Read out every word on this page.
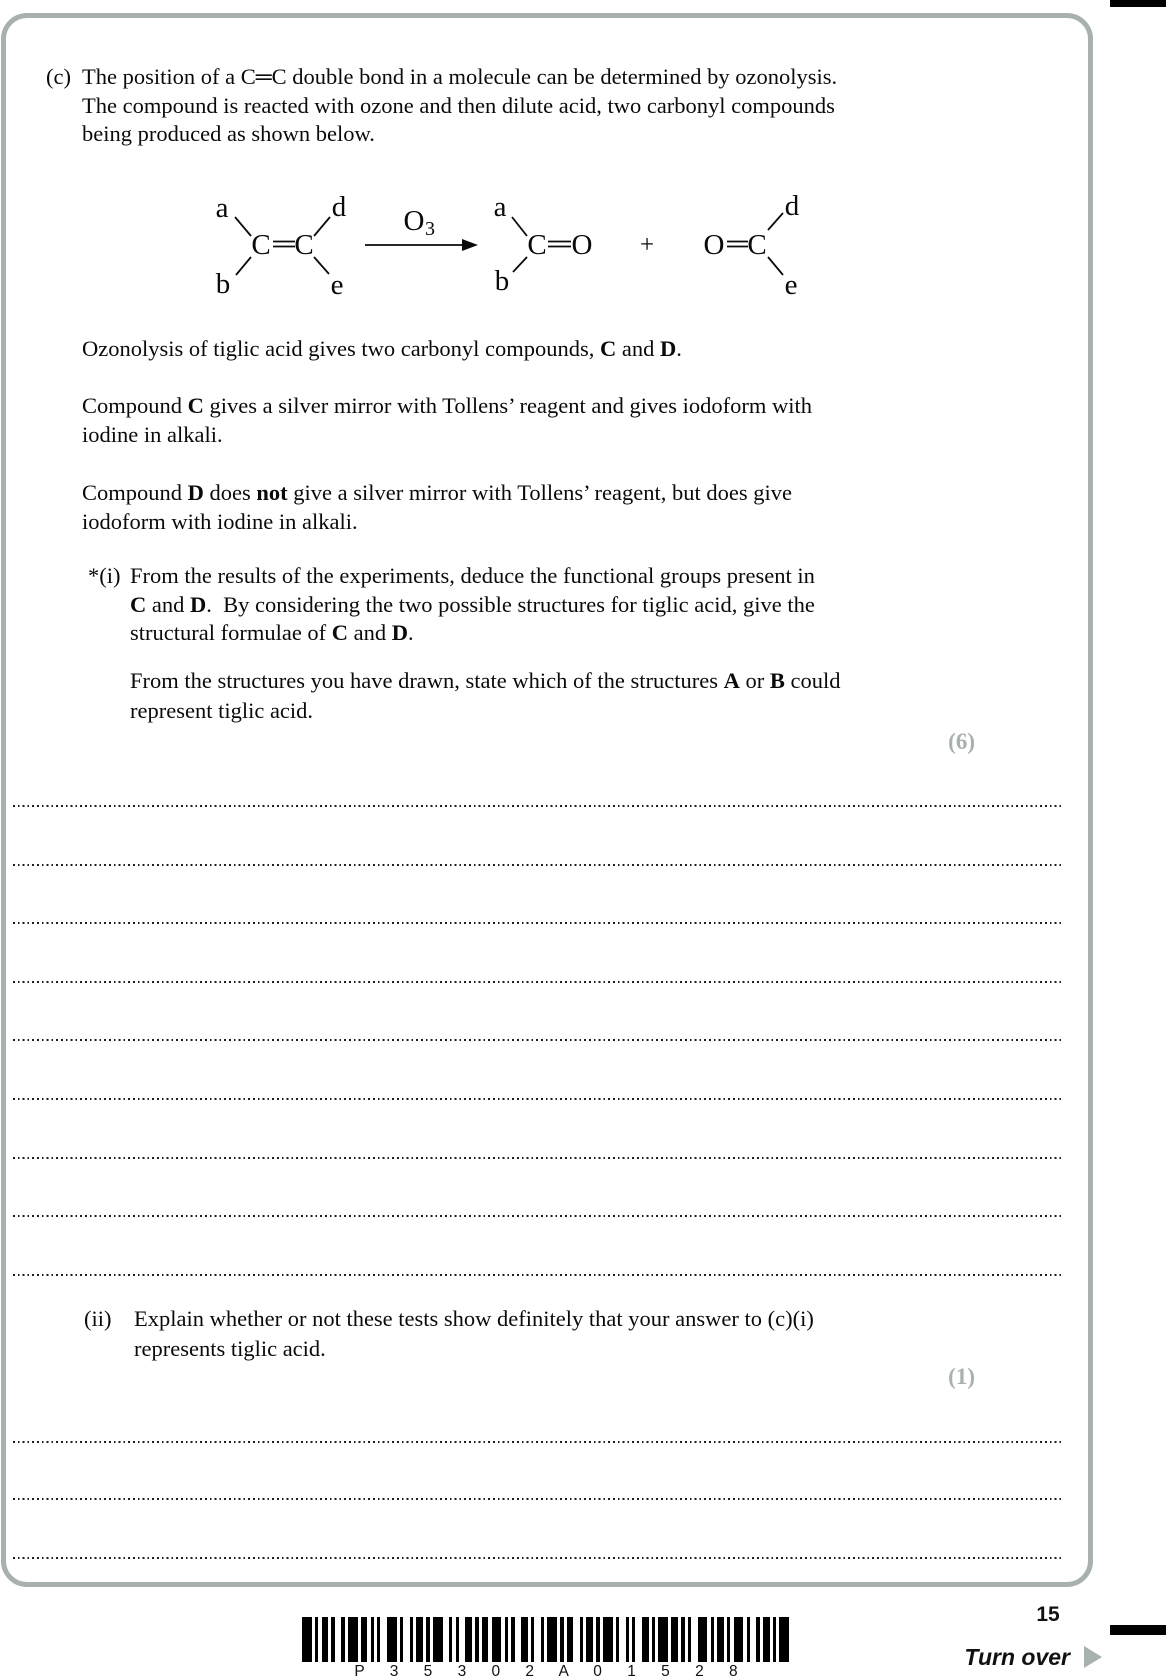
(c) The position of a C═C double bond in a molecule can be determined by ozonolysis.
The compound is reacted with ozone and then dilute acid, two carbonyl compounds
being produced as shown below.
a	d
b	e
C C
O 3
a
b
C O + O C
d
e
Ozonolysis of tiglic acid gives two carbonyl compounds, C and D.
Compound C gives a silver mirror with Tollens’ reagent and gives iodoform with
iodine in alkali.
Compound D does not give a silver mirror with Tollens’ reagent, but does give
iodoform with iodine in alkali.
*(i) From the results of the experiments, deduce the functional groups present in
C and D.  By considering the two possible structures for tiglic acid, give the
structural formulae of C and D.
From the structures you have drawn, state which of the structures A or B could
represent tiglic acid.
(6)
(ii) Explain whether or not these tests show definitely that your answer to (c)(i)
represents tiglic acid.
(1)
P 3 5 3 0 2 A 0 1 5 2 8
15
Turn over
